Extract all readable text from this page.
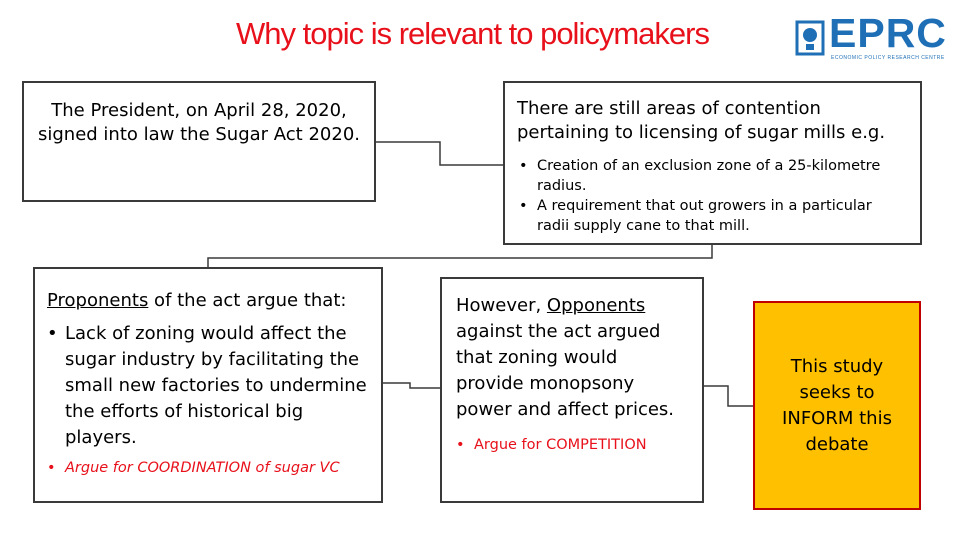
Why topic is relevant to policymakers	EPRC
ECONOMIC POLICY RESEARCH CENTRE
The President, on April 28, 2020, signed into law the Sugar Act 2020.
There are still areas of contention pertaining to licensing of sugar mills e.g.
• Creation of an exclusion zone of a 25-kilometre radius.
• A requirement that out growers in a particular radii supply cane to that mill.
Proponents of the act argue that:
• Lack of zoning would affect the sugar industry by facilitating the small new factories to undermine the efforts of historical big players.
• Argue for COORDINATION of sugar VC
However, Opponents against the act argued that zoning would provide monopsony power and affect prices.
• Argue for COMPETITION
This study seeks to INFORM this debate
